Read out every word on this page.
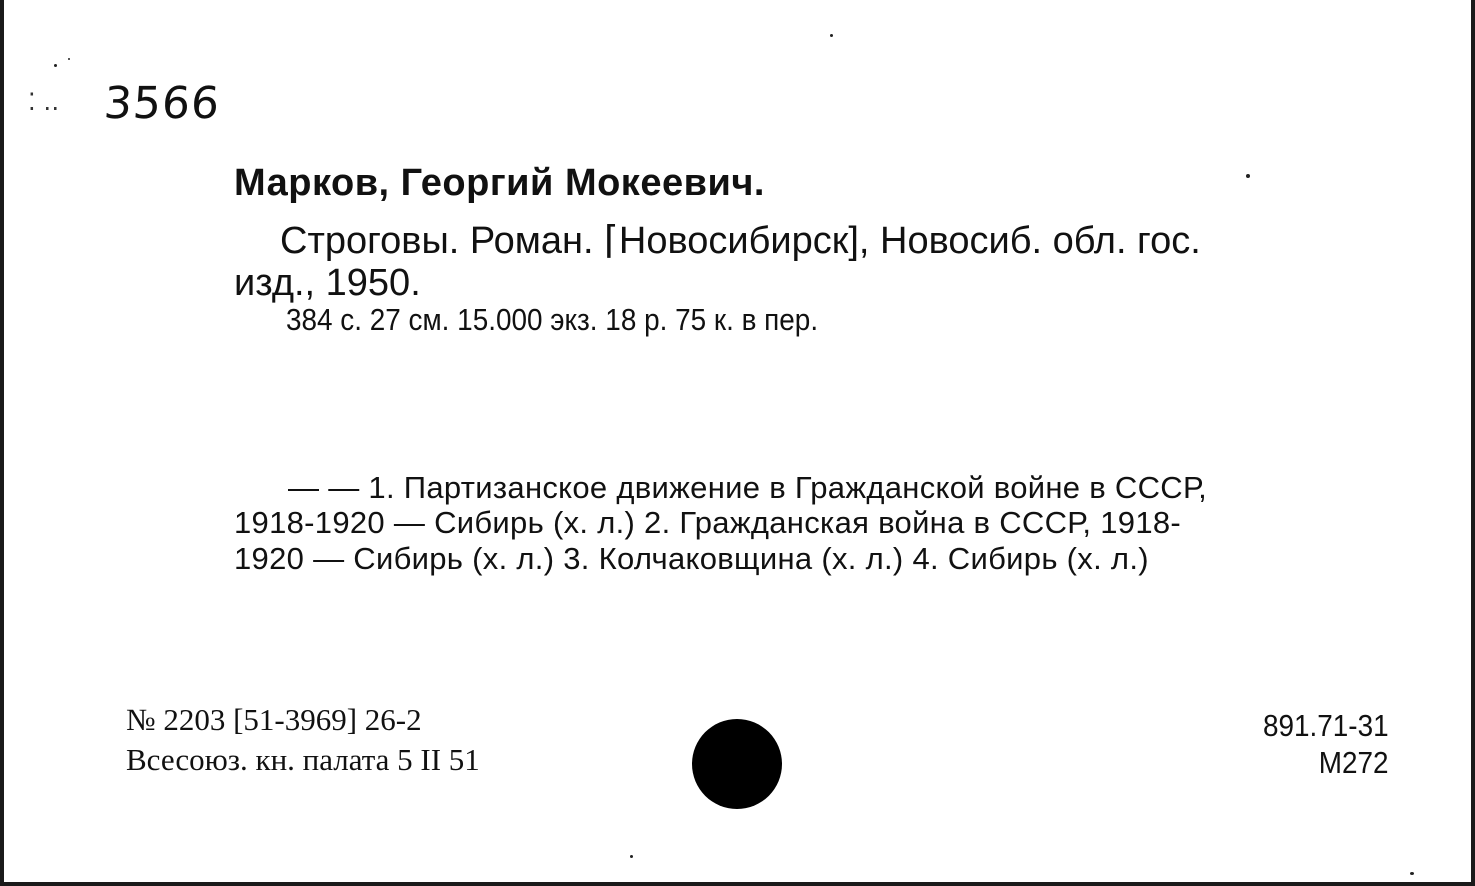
⁚ ‥ 3566
Марков, Георгий Мокеевич.
Строговы. Роман. ⌈Новосибирск], Новосиб. обл. гос.
изд., 1950.
384 с. 27 см. 15.000 экз. 18 р. 75 к. в пер.
— — 1. Партизанское движение в Гражданской войне в СССР,
1918-1920 — Сибирь (х. л.) 2. Гражданская война в СССР, 1918-
1920 — Сибирь (х. л.) 3. Колчаковщина (х. л.) 4. Сибирь (х. л.)
№ 2203 [51-3969] 26-2
Всесоюз. кн. палата 5 II 51
891.71-31
М272
